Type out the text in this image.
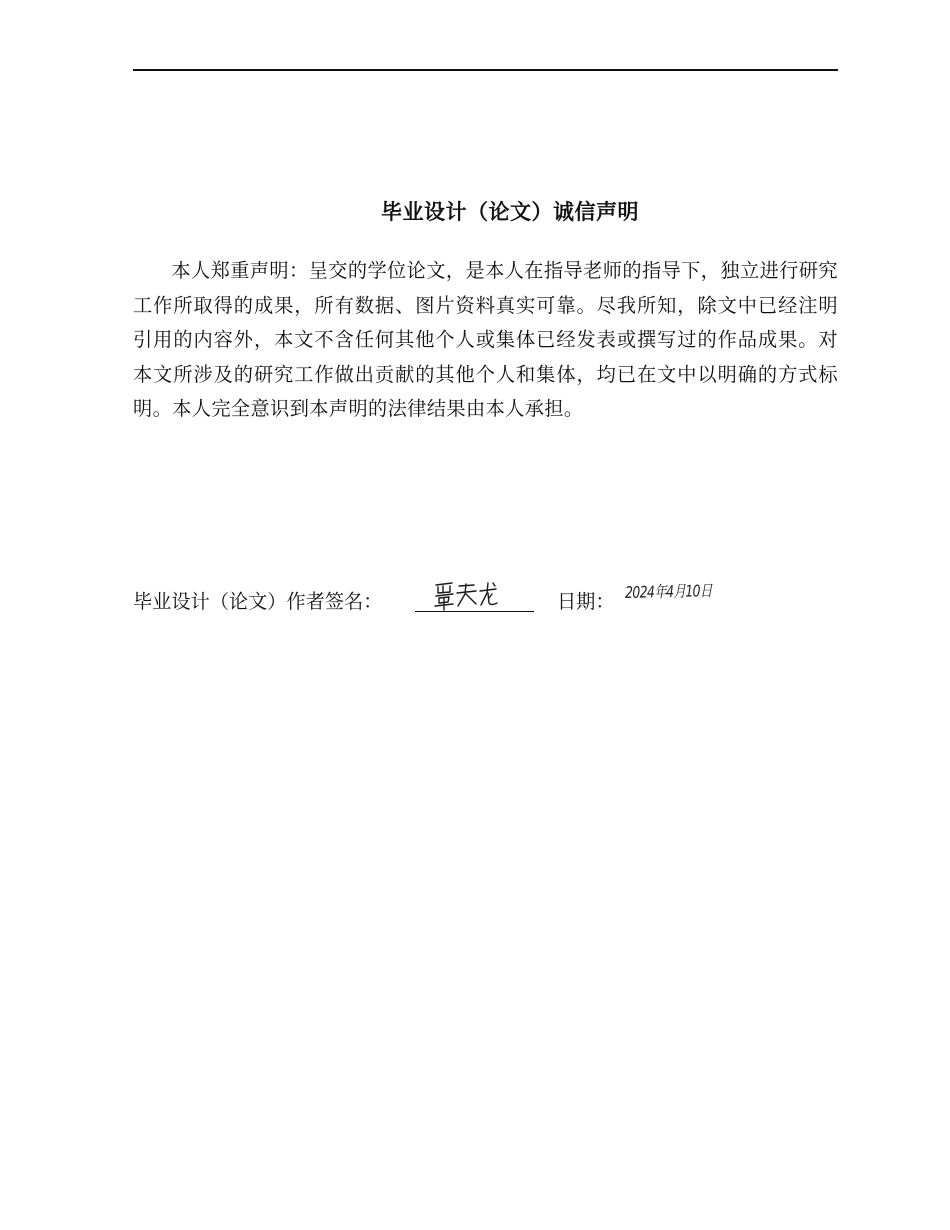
毕业设计（论文）诚信声明

本人郑重声明：呈交的学位论文，是本人在指导老师的指导下，独立进行研究工作所取得的成果，所有数据、图片资料真实可靠。尽我所知，除文中已经注明引用的内容外，本文不含任何其他个人或集体已经发表或撰写过的作品成果。对本文所涉及的研究工作做出贡献的其他个人和集体，均已在文中以明确的方式标明。本人完全意识到本声明的法律结果由本人承担。

毕业设计（论文）作者签名：	日期： 2024年4月10日
